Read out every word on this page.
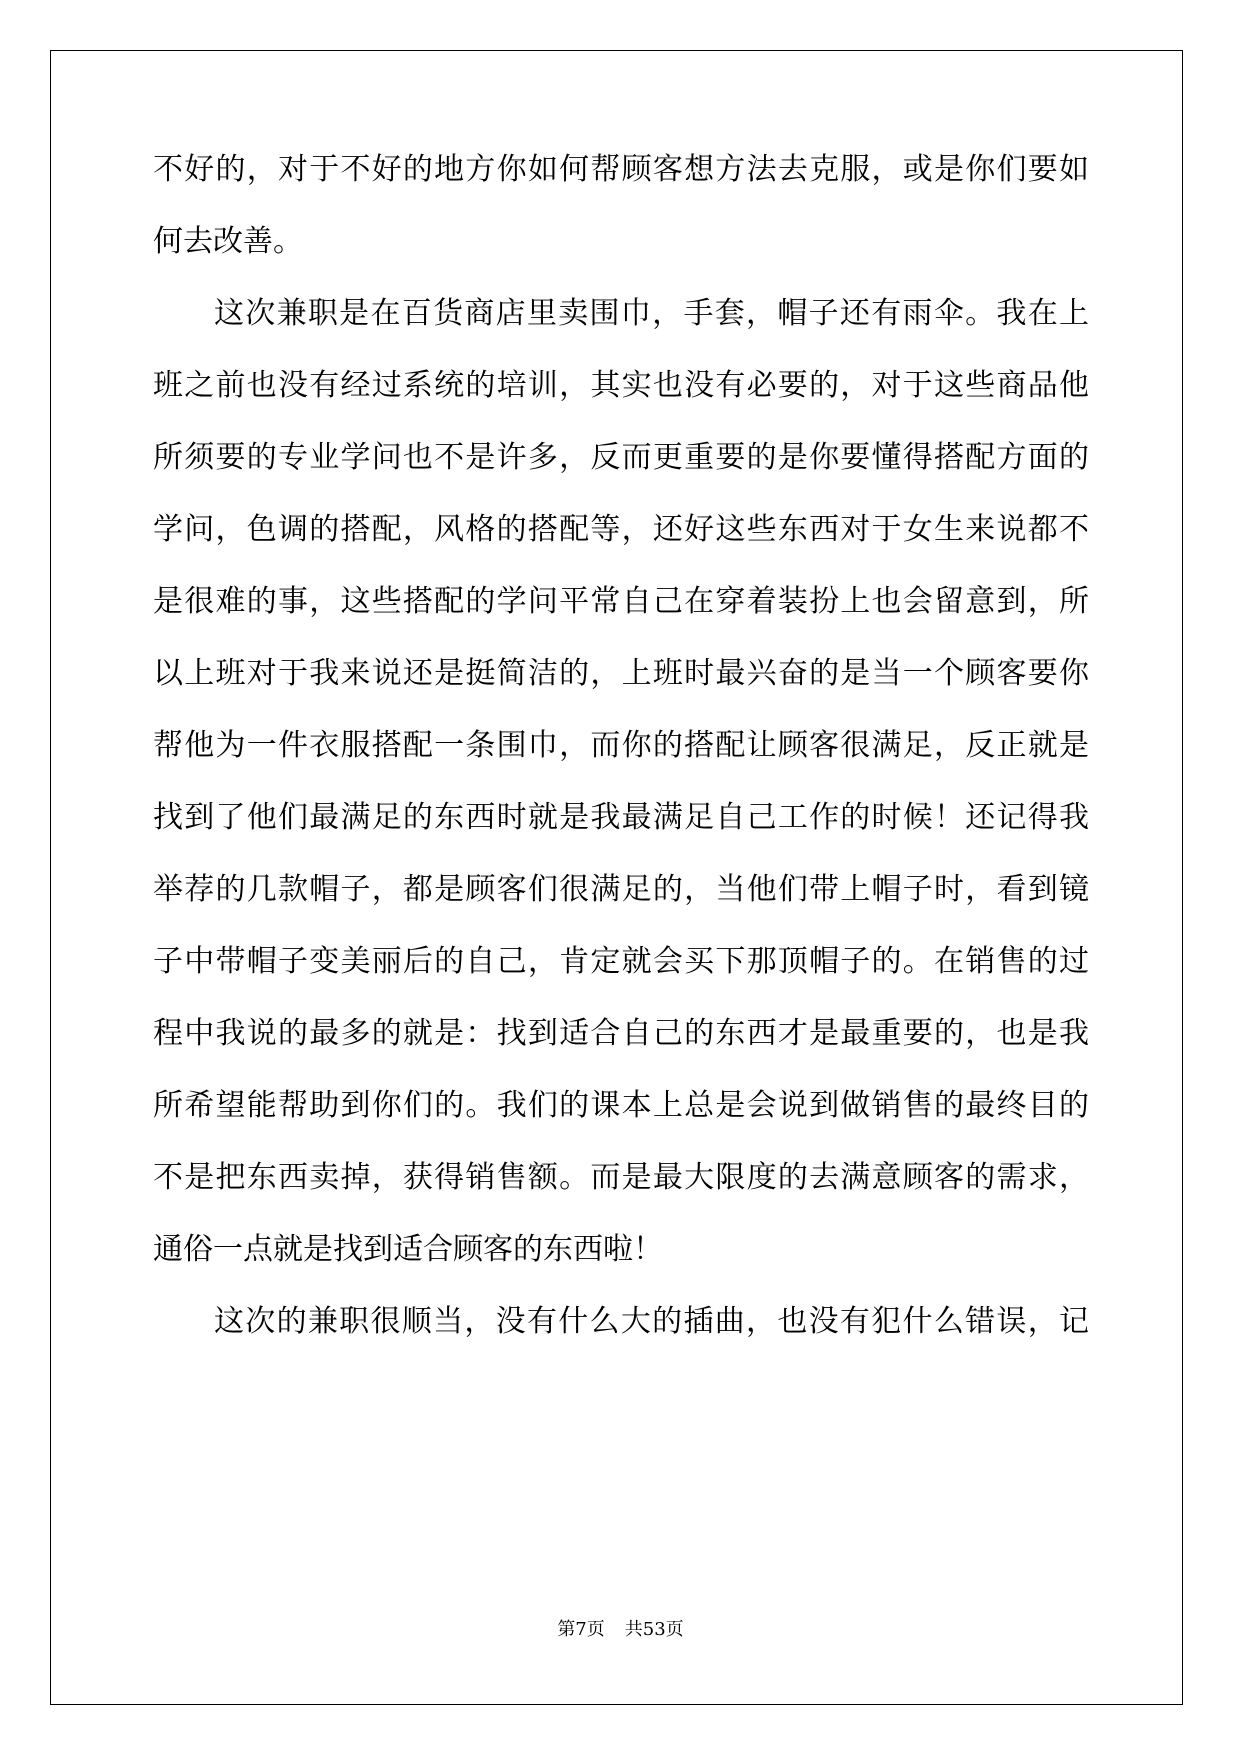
不好的，对于不好的地方你如何帮顾客想方法去克服，或是你们要如
何去改善。
这次兼职是在百货商店里卖围巾，手套，帽子还有雨伞。我在上
班之前也没有经过系统的培训，其实也没有必要的，对于这些商品他
所须要的专业学问也不是许多，反而更重要的是你要懂得搭配方面的
学问，色调的搭配，风格的搭配等，还好这些东西对于女生来说都不
是很难的事，这些搭配的学问平常自己在穿着装扮上也会留意到，所
以上班对于我来说还是挺简洁的，上班时最兴奋的是当一个顾客要你
帮他为一件衣服搭配一条围巾，而你的搭配让顾客很满足，反正就是
找到了他们最满足的东西时就是我最满足自己工作的时候！还记得我
举荐的几款帽子，都是顾客们很满足的，当他们带上帽子时，看到镜
子中带帽子变美丽后的自己，肯定就会买下那顶帽子的。在销售的过
程中我说的最多的就是：找到适合自己的东西才是最重要的，也是我
所希望能帮助到你们的。我们的课本上总是会说到做销售的最终目的
不是把东西卖掉，获得销售额。而是最大限度的去满意顾客的需求，
通俗一点就是找到适合顾客的东西啦！
这次的兼职很顺当，没有什么大的插曲，也没有犯什么错误，记
第7页 共53页
